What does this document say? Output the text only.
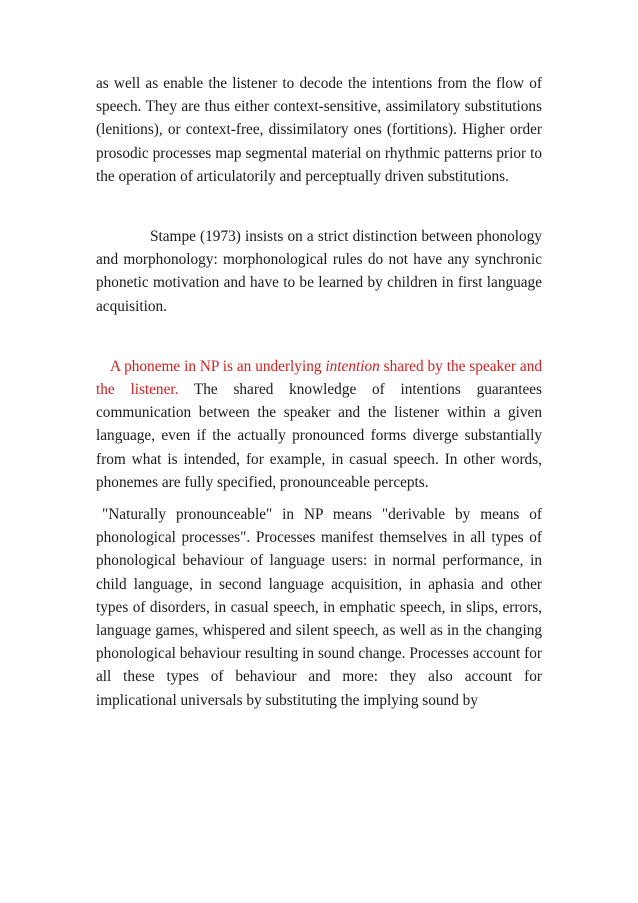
as well as enable the listener to decode the intentions from the flow of speech. They are thus either context-sensitive, assimilatory substitutions (lenitions), or context-free, dissimilatory ones (fortitions). Higher order prosodic processes map segmental material on rhythmic patterns prior to the operation of articulatorily and perceptually driven substitutions.

Stampe (1973) insists on a strict distinction between phonology and morphonology: morphonological rules do not have any synchronic phonetic motivation and have to be learned by children in first language acquisition.

A phoneme in NP is an underlying intention shared by the speaker and the listener. The shared knowledge of intentions guarantees communication between the speaker and the listener within a given language, even if the actually pronounced forms diverge substantially from what is intended, for example, in casual speech. In other words, phonemes are fully specified, pronounceable percepts.

"Naturally pronounceable" in NP means "derivable by means of phonological processes". Processes manifest themselves in all types of phonological behaviour of language users: in normal performance, in child language, in second language acquisition, in aphasia and other types of disorders, in casual speech, in emphatic speech, in slips, errors, language games, whispered and silent speech, as well as in the changing phonological behaviour resulting in sound change. Processes account for all these types of behaviour and more: they also account for implicational universals by substituting the implying sound by
